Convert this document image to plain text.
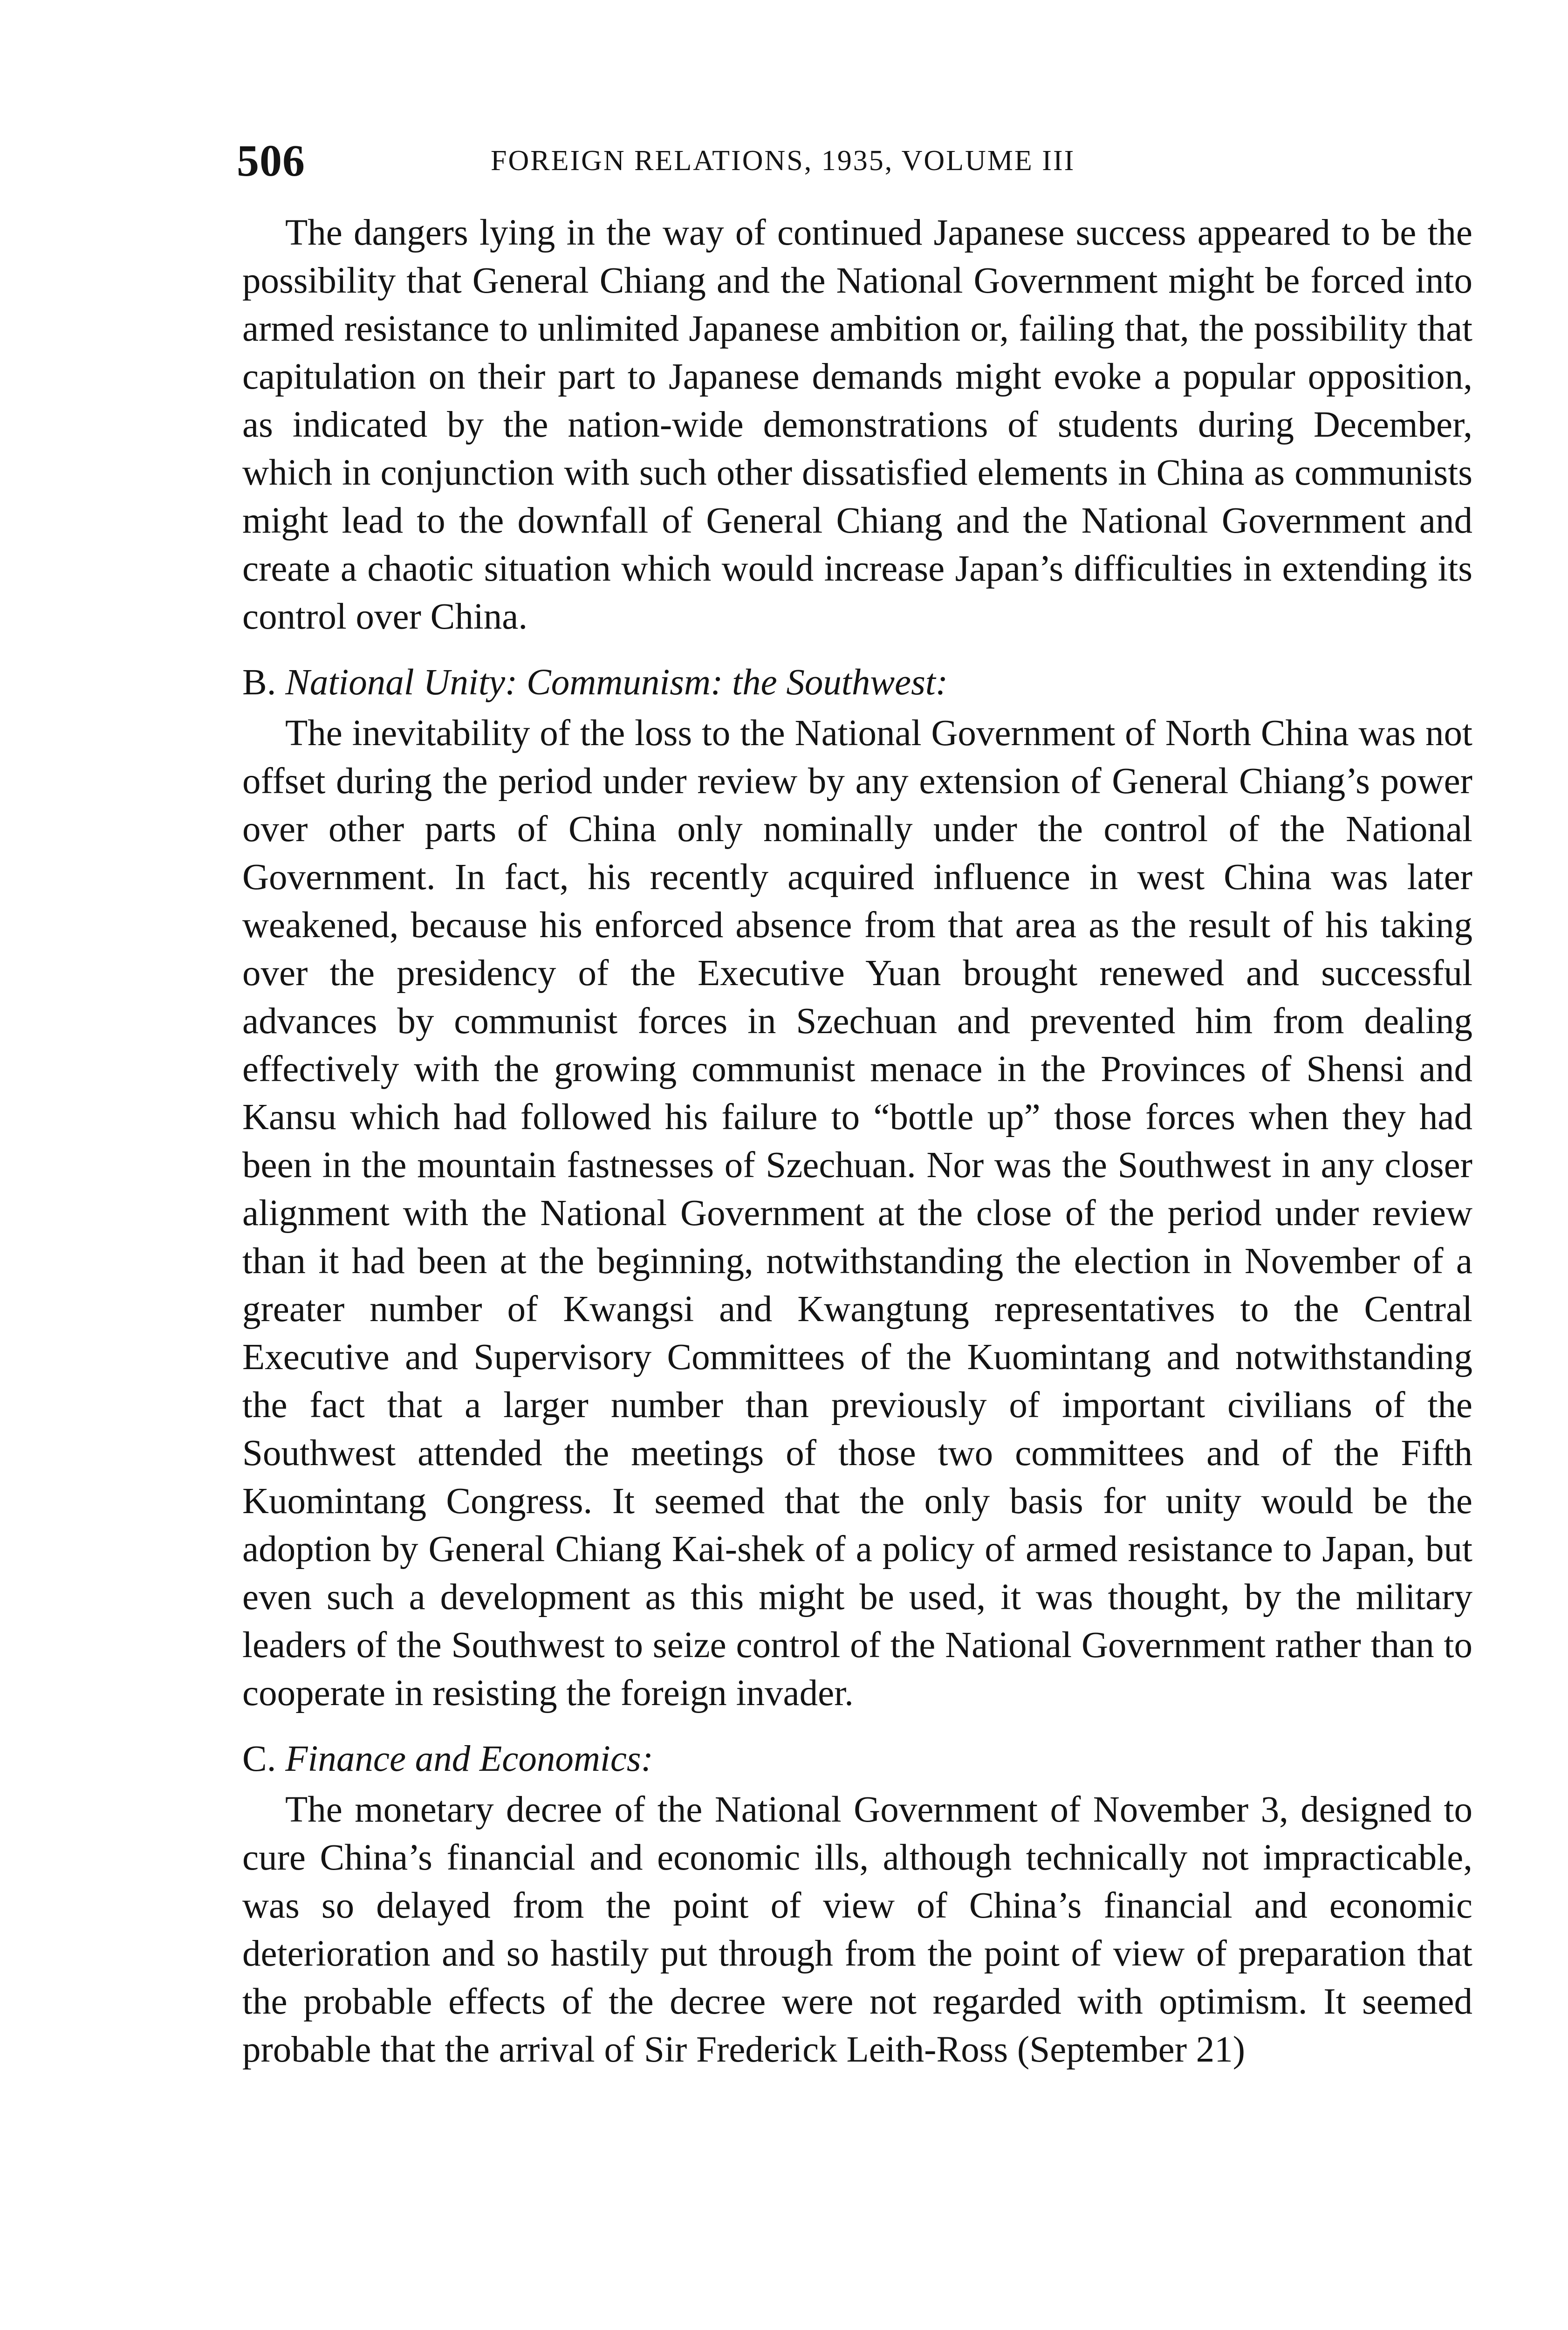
506	FOREIGN RELATIONS, 1935, VOLUME III

The dangers lying in the way of continued Japanese success appeared to be the possibility that General Chiang and the National Government might be forced into armed resistance to unlimited Japanese ambition or, failing that, the possibility that capitulation on their part to Japanese demands might evoke a popular opposition, as indicated by the nation-wide demonstrations of students during December, which in conjunction with such other dissatisfied elements in China as communists might lead to the downfall of General Chiang and the National Government and create a chaotic situation which would increase Japan’s difficulties in extending its control over China.

B. National Unity: Communism: the Southwest:

The inevitability of the loss to the National Government of North China was not offset during the period under review by any extension of General Chiang’s power over other parts of China only nominally under the control of the National Government. In fact, his recently acquired influence in west China was later weakened, because his enforced absence from that area as the result of his taking over the presidency of the Executive Yuan brought renewed and successful advances by communist forces in Szechuan and prevented him from dealing effectively with the growing communist menace in the Provinces of Shensi and Kansu which had followed his failure to “bottle up” those forces when they had been in the mountain fastnesses of Szechuan. Nor was the Southwest in any closer alignment with the National Government at the close of the period under review than it had been at the beginning, notwithstanding the election in November of a greater number of Kwangsi and Kwangtung representatives to the Central Executive and Supervisory Committees of the Kuomintang and notwithstanding the fact that a larger number than previously of important civilians of the Southwest attended the meetings of those two committees and of the Fifth Kuomintang Congress. It seemed that the only basis for unity would be the adoption by General Chiang Kai-shek of a policy of armed resistance to Japan, but even such a development as this might be used, it was thought, by the military leaders of the Southwest to seize control of the National Government rather than to cooperate in resisting the foreign invader.

C. Finance and Economics:

The monetary decree of the National Government of November 3, designed to cure China’s financial and economic ills, although technically not impracticable, was so delayed from the point of view of China’s financial and economic deterioration and so hastily put through from the point of view of preparation that the probable effects of the decree were not regarded with optimism. It seemed probable that the arrival of Sir Frederick Leith-Ross (September 21)
